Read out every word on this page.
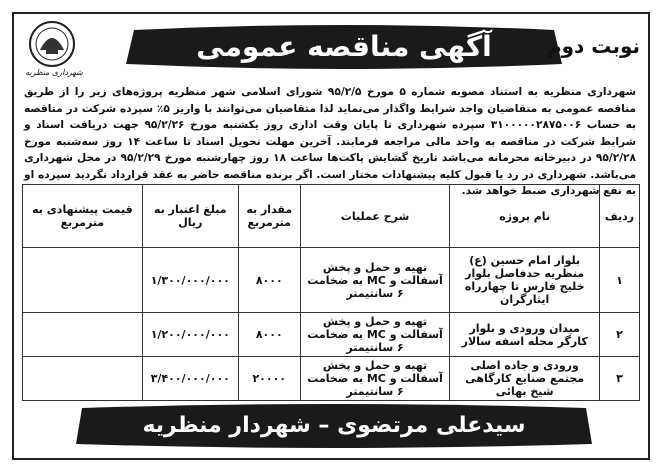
شهرداری منظریه
آگهی مناقصه عمومی	نوبت دوم
شهرداری منظریه به استناد مصوبه شماره ۵ مورخ ۹۵/۲/۵ شورای اسلامی شهر منظریه پروژه‌های زیر را از طریق مناقصه عمومی به متقاضیان واجد شرایط واگذار می‌نماید لذا متقاضیان می‌توانند با واریز ۵٪ سپرده شرکت در مناقصه به حساب ۳۱۰۰۰۰۰۲۸۷۵۰۰۶ سپرده شهرداری تا پایان وقت اداری روز یکشنبه مورخ ۹۵/۲/۲۶ جهت دریافت اسناد و شرایط شرکت در مناقصه به واحد مالی مراجعه فرمایند. آخرین مهلت تحویل اسناد تا ساعت ۱۴ روز سه‌شنبه مورخ ۹۵/۲/۲۸ در دبیرخانه محرمانه می‌باشد تاریخ گشایش پاکت‌ها ساعت ۱۸ روز چهارشنبه مورخ ۹۵/۲/۲۹ در محل شهرداری می‌باشد. شهرداری در رد یا قبول کلیه پیشنهادات مختار است. اگر برنده مناقصه حاضر به عقد قرارداد نگردید سپرده او به نفع شهرداری ضبط خواهد شد.
ردیف	نام پروژه	شرح عملیات	مقدار به مترمربع	مبلغ اعتبار به ریال	قیمت پیشنهادی به مترمربع
۱	بلوار امام حسین (ع) منظریه حدفاصل بلوار خلیج فارس تا چهارراه ایثارگران	تهیه و حمل و پخش آسفالت و MC به ضخامت ۶ سانتیمتر	۸۰۰۰	۱/۳۰۰/۰۰۰/۰۰۰	
۲	میدان ورودی و بلوار کارگر محله اسفه سالار	تهیه و حمل و پخش آسفالت و MC به ضخامت ۶ سانتیمتر	۸۰۰۰	۱/۲۰۰/۰۰۰/۰۰۰	
۳	ورودی و جاده اصلی مجتمع صنایع کارگاهی شیخ بهائی	تهیه و حمل و پخش آسفالت و MC به ضخامت ۶ سانتیمتر	۲۰۰۰۰	۳/۴۰۰/۰۰۰/۰۰۰	
سیدعلی مرتضوی – شهردار منظریه
